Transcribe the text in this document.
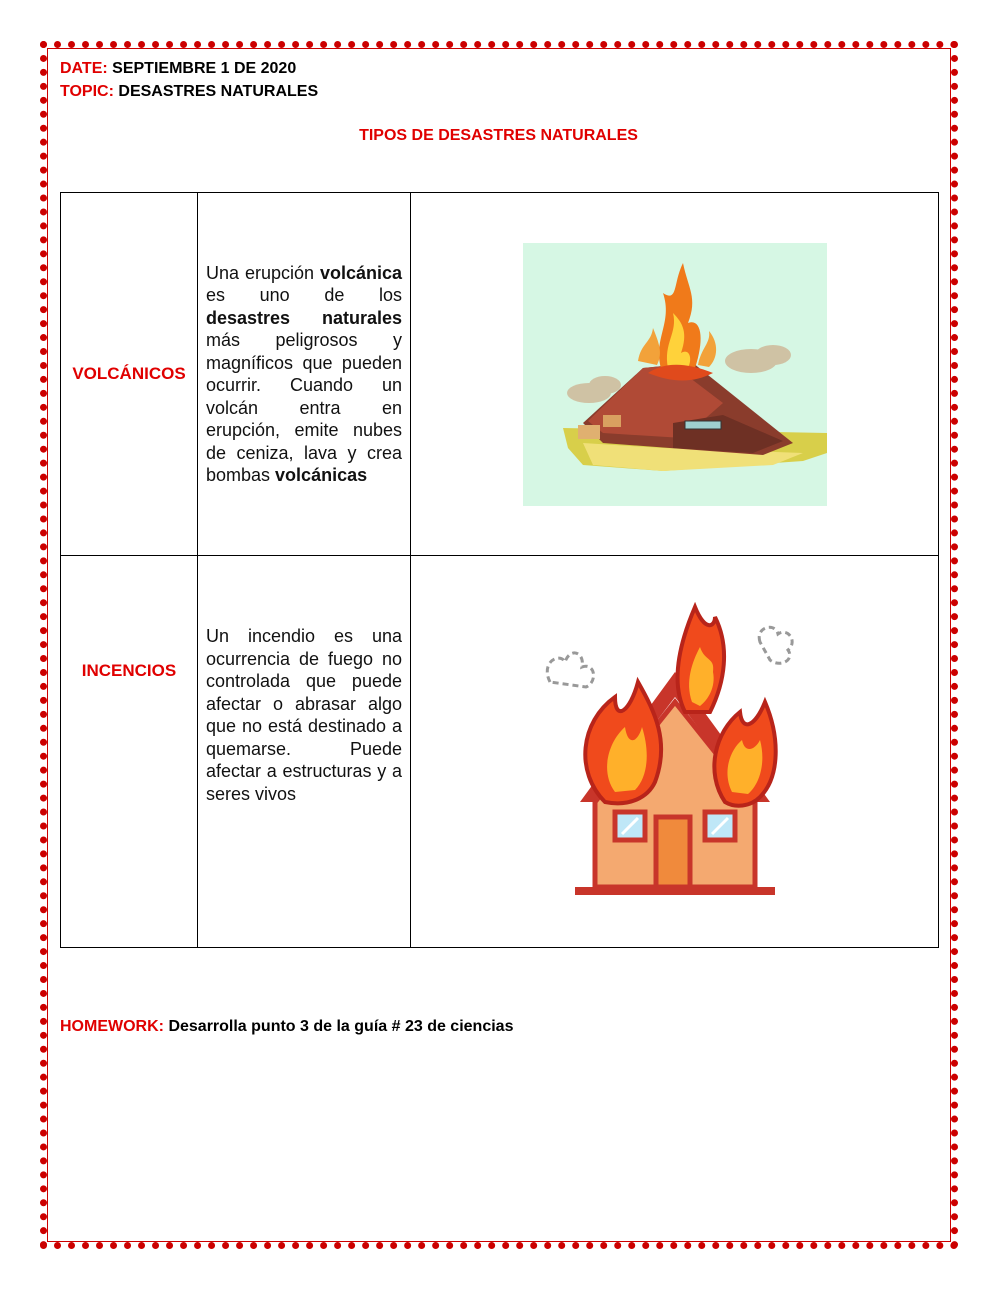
DATE: SEPTIEMBRE 1 DE 2020
TOPIC: DESASTRES NATURALES
TIPOS DE DESASTRES NATURALES
VOLCÁNICOS	Una erupción volcánica es uno de los desastres naturales más peligrosos y magníficos que pueden ocurrir. Cuando un volcán entra en erupción, emite nubes de ceniza, lava y crea bombas volcánicas

INCENCIOS	Un incendio es una ocurrencia de fuego no controlada que puede afectar o abrasar algo que no está destinado a quemarse. Puede afectar a estructuras y a seres vivos

HOMEWORK: Desarrolla punto 3 de la guía # 23 de ciencias
